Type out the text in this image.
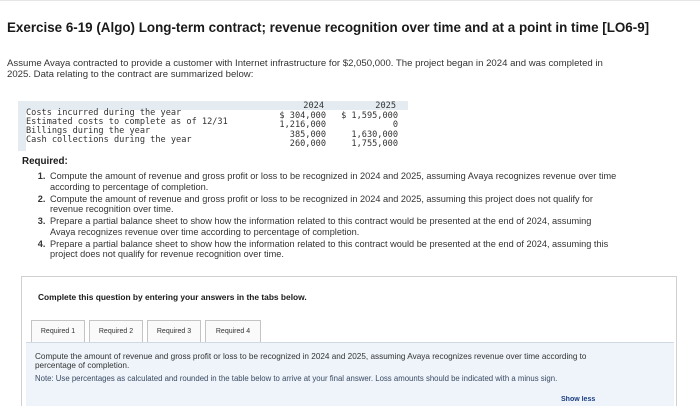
Exercise 6-19 (Algo) Long-term contract; revenue recognition over time and at a point in time [LO6-9]
Assume Avaya contracted to provide a customer with Internet infrastructure for $2,050,000. The project began in 2024 and was completed in 2025. Data relating to the contract are summarized below:
2024	2025
Costs incurred during the year	$ 304,000	$ 1,595,000
Estimated costs to complete as of 12/31	1,216,000	0
Billings during the year	385,000	1,630,000
Cash collections during the year	260,000	1,755,000
Required:
1. Compute the amount of revenue and gross profit or loss to be recognized in 2024 and 2025, assuming Avaya recognizes revenue over time according to percentage of completion.
2. Compute the amount of revenue and gross profit or loss to be recognized in 2024 and 2025, assuming this project does not qualify for revenue recognition over time.
3. Prepare a partial balance sheet to show how the information related to this contract would be presented at the end of 2024, assuming Avaya recognizes revenue over time according to percentage of completion.
4. Prepare a partial balance sheet to show how the information related to this contract would be presented at the end of 2024, assuming this project does not qualify for revenue recognition over time.
Complete this question by entering your answers in the tabs below.
Required 1	Required 2	Required 3	Required 4
Compute the amount of revenue and gross profit or loss to be recognized in 2024 and 2025, assuming Avaya recognizes revenue over time according to percentage of completion.
Note: Use percentages as calculated and rounded in the table below to arrive at your final answer. Loss amounts should be indicated with a minus sign.
Show less
